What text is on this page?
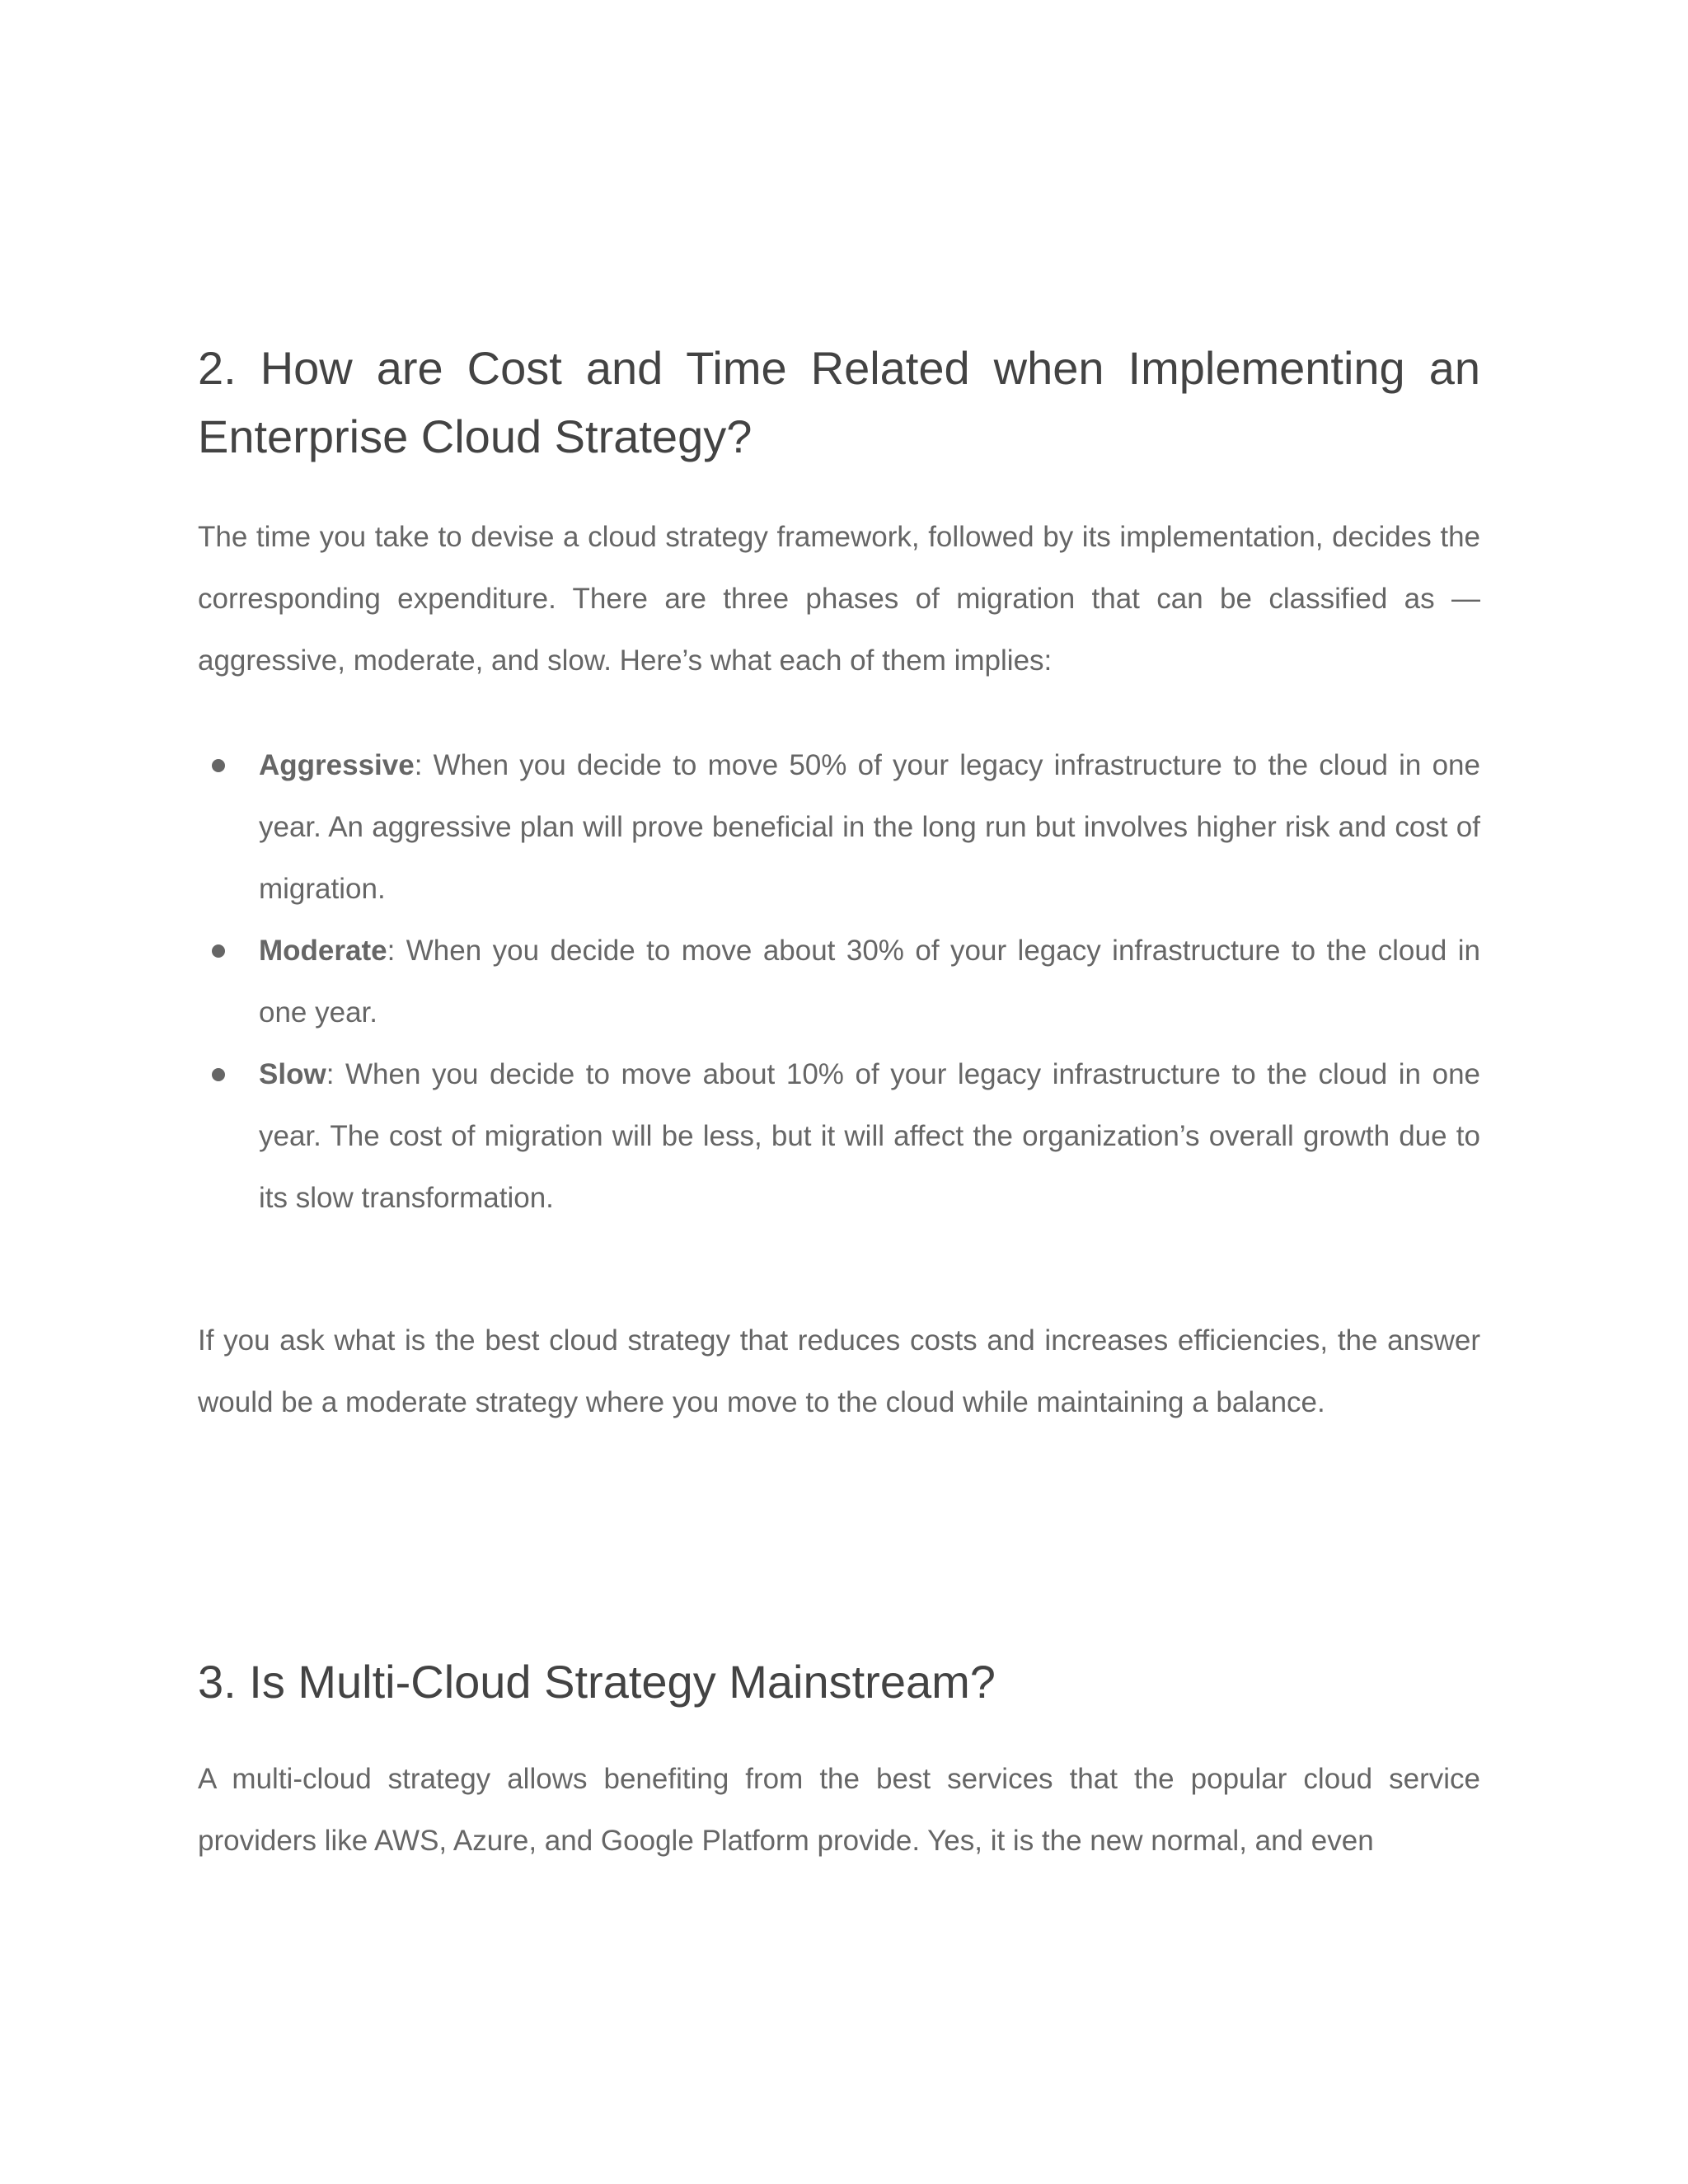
2. How are Cost and Time Related when Implementing an Enterprise Cloud Strategy?

The time you take to devise a cloud strategy framework, followed by its implementation, decides the corresponding expenditure. There are three phases of migration that can be classified as — aggressive, moderate, and slow. Here’s what each of them implies:

Aggressive: When you decide to move 50% of your legacy infrastructure to the cloud in one year. An aggressive plan will prove beneficial in the long run but involves higher risk and cost of migration.
Moderate: When you decide to move about 30% of your legacy infrastructure to the cloud in one year.
Slow: When you decide to move about 10% of your legacy infrastructure to the cloud in one year. The cost of migration will be less, but it will affect the organization’s overall growth due to its slow transformation.

If you ask what is the best cloud strategy that reduces costs and increases efficiencies, the answer would be a moderate strategy where you move to the cloud while maintaining a balance.

3. Is Multi-Cloud Strategy Mainstream?

A multi-cloud strategy allows benefiting from the best services that the popular cloud service providers like AWS, Azure, and Google Platform provide. Yes, it is the new normal, and even
